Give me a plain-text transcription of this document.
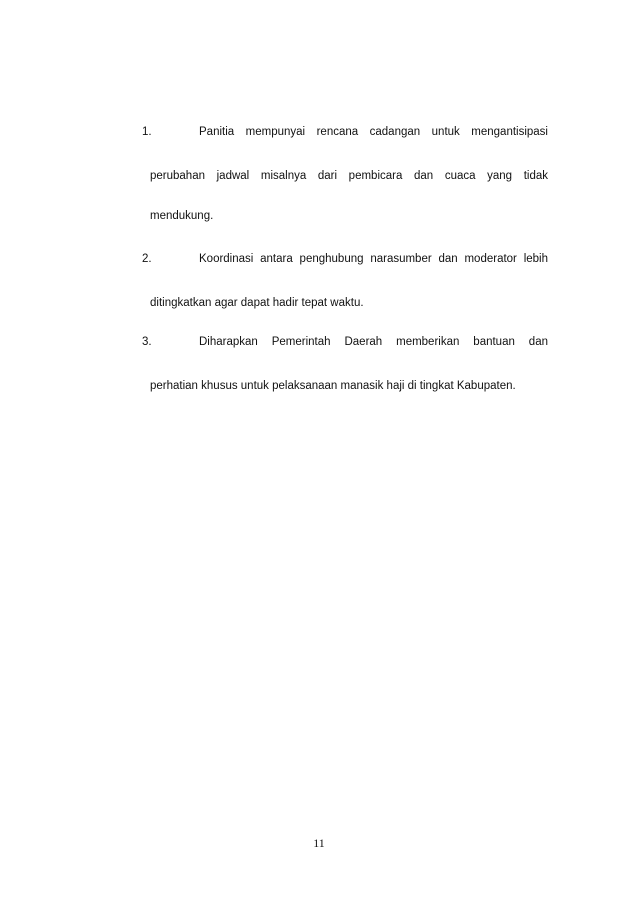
1.	Panitia mempunyai rencana cadangan untuk mengantisipasi
perubahan jadwal misalnya dari pembicara dan cuaca yang tidak
mendukung.
2.	Koordinasi antara penghubung narasumber dan moderator lebih
ditingkatkan agar dapat hadir tepat waktu.
3.	Diharapkan Pemerintah Daerah memberikan bantuan dan
perhatian khusus untuk pelaksanaan manasik haji di tingkat Kabupaten.
11
